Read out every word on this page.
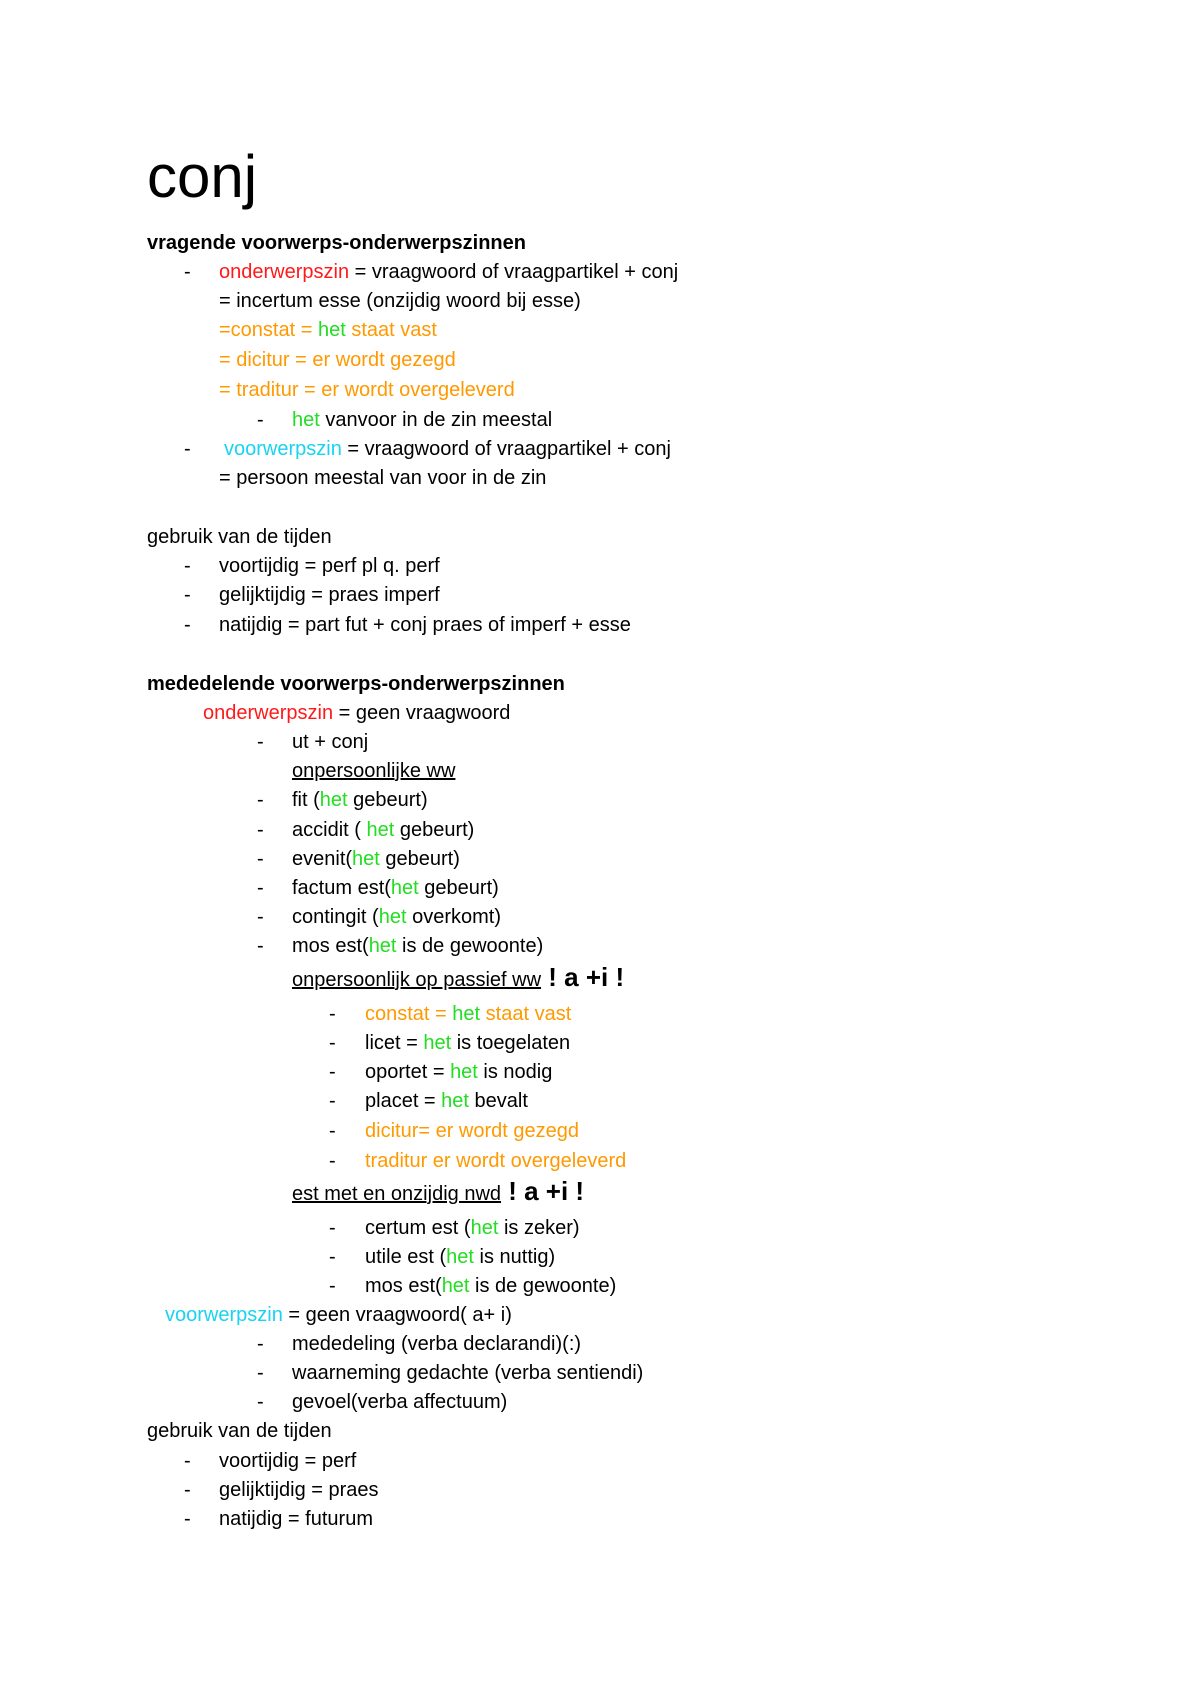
conj
vragende voorwerps-onderwerpszinnen
- onderwerpszin = vraagwoord of vraagpartikel + conj
= incertum esse (onzijdig woord bij esse)
=constat = het staat vast
= dicitur = er wordt gezegd
= traditur = er wordt overgeleverd
- het vanvoor in de zin meestal
- voorwerpszin = vraagwoord of vraagpartikel + conj
= persoon meestal van voor in de zin
gebruik van de tijden
- voortijdig = perf pl q. perf
- gelijktijdig = praes imperf
- natijdig = part fut + conj praes of imperf + esse
mededelende voorwerps-onderwerpszinnen
onderwerpszin = geen vraagwoord
- ut + conj
onpersoonlijke ww
- fit (het gebeurt)
- accidit ( het gebeurt)
- evenit(het gebeurt)
- factum est(het gebeurt)
- contingit (het overkomt)
- mos est(het is de gewoonte)
onpersoonlijk op passief ww ! a +i !
- constat = het staat vast
- licet = het is toegelaten
- oportet = het is nodig
- placet = het bevalt
- dicitur= er wordt gezegd
- traditur er wordt overgeleverd
est met en onzijdig nwd ! a +i !
- certum est (het is zeker)
- utile est (het is nuttig)
- mos est(het is de gewoonte)
voorwerpszin = geen vraagwoord( a+ i)
- mededeling (verba declarandi)(:)
- waarneming gedachte (verba sentiendi)
- gevoel(verba affectuum)
gebruik van de tijden
- voortijdig = perf
- gelijktijdig = praes
- natijdig = futurum
